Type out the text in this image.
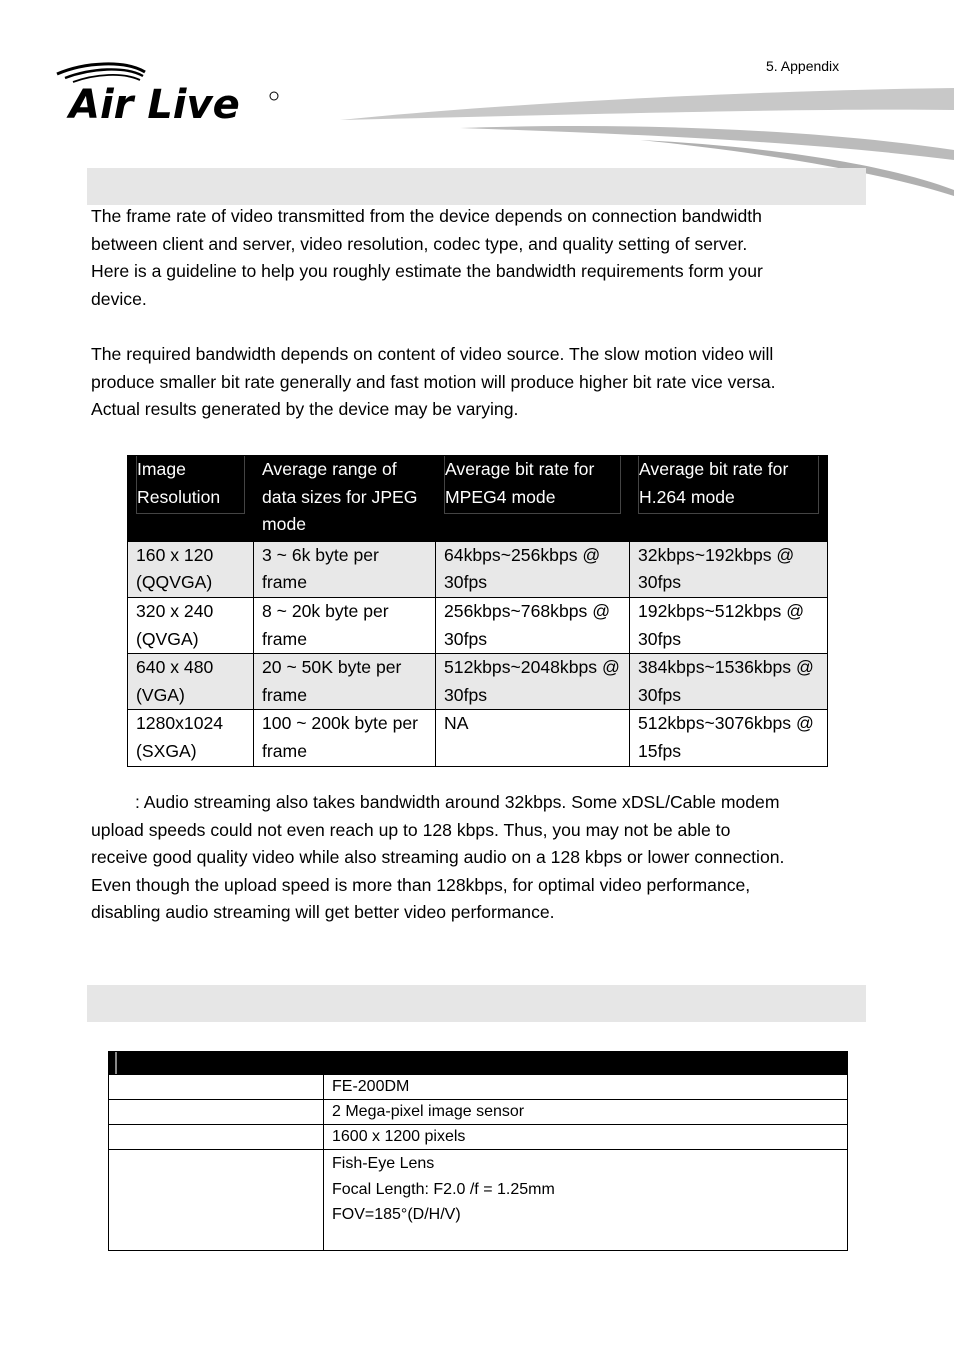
5. Appendix
Air Live

The frame rate of video transmitted from the device depends on connection bandwidth

between client and server, video resolution, codec type, and quality setting of server.

Here is a guideline to help you roughly estimate the bandwidth requirements form your

device.

The required bandwidth depends on content of video source. The slow motion video will

produce smaller bit rate generally and fast motion will produce higher bit rate vice versa.

Actual results generated by the device may be varying.

Image Resolution	Average range of data sizes for JPEG mode	Average bit rate for MPEG4 mode	Average bit rate for H.264 mode

160 x 120 (QQVGA)	3 ~ 6k byte per frame	64kbps~256kbps @ 30fps	32kbps~192kbps @ 30fps
320 x 240 (QVGA)	8 ~ 20k byte per frame	256kbps~768kbps @ 30fps	192kbps~512kbps @ 30fps
640 x 480 (VGA)	20 ~ 50K byte per frame	512kbps~2048kbps @ 30fps	384kbps~1536kbps @ 30fps
1280x1024 (SXGA)	100 ~ 200k byte per frame	NA	512kbps~3076kbps @ 15fps

: Audio streaming also takes bandwidth around 32kbps. Some xDSL/Cable modem

upload speeds could not even reach up to 128 kbps. Thus, you may not be able to

receive good quality video while also streaming audio on a 128 kbps or lower connection.

Even though the upload speed is more than 128kbps, for optimal video performance,

disabling audio streaming will get better video performance.

	FE-200DM
	2 Mega-pixel image sensor
	1600 x 1200 pixels

	Fish-Eye Lens
Focal Length: F2.0 /f = 1.25mm
FOV=185°(D/H/V)
